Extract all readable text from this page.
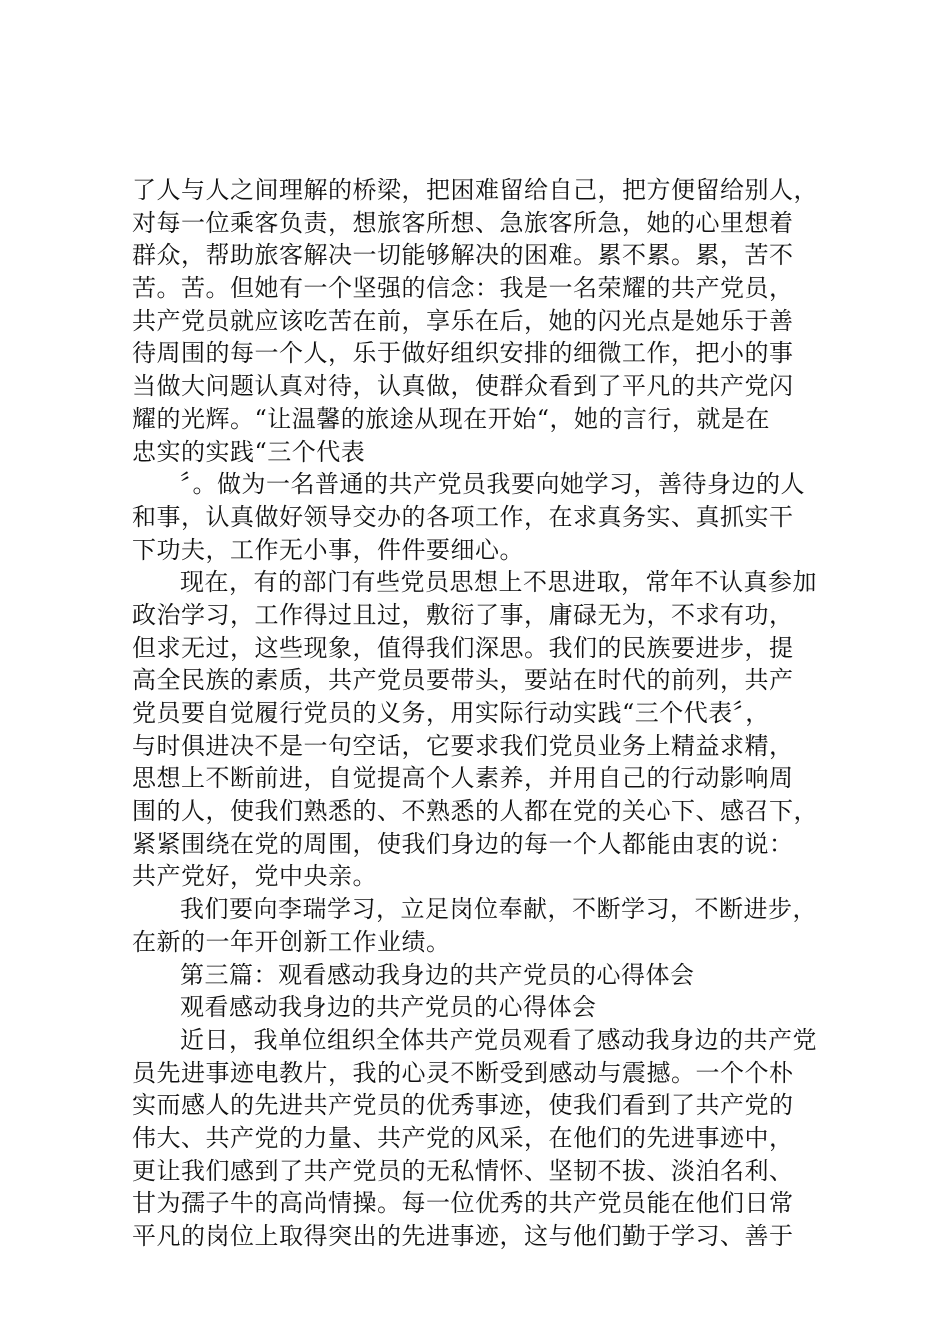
了人与人之间理解的桥梁，把困难留给自己，把方便留给别人，
对每一位乘客负责，想旅客所想、急旅客所急，她的心里想着
群众，帮助旅客解决一切能够解决的困难。累不累。累，苦不
苦。苦。但她有一个坚强的信念：我是一名荣耀的共产党员，
共产党员就应该吃苦在前，享乐在后，她的闪光点是她乐于善
待周围的每一个人，乐于做好组织安排的细微工作，把小的事
当做大问题认真对待，认真做，使群众看到了平凡的共产党闪
耀的光辉。“让温馨的旅途从现在开始“，她的言行，就是在
忠实的实践“三个代表
〞。做为一名普通的共产党员我要向她学习，善待身边的人
和事，认真做好领导交办的各项工作，在求真务实、真抓实干
下功夫，工作无小事，件件要细心。
现在，有的部门有些党员思想上不思进取，常年不认真参加
政治学习，工作得过且过，敷衍了事，庸碌无为，不求有功，
但求无过，这些现象，值得我们深思。我们的民族要进步，提
高全民族的素质，共产党员要带头，要站在时代的前列，共产
党员要自觉履行党员的义务，用实际行动实践“三个代表〞，
与时俱进决不是一句空话，它要求我们党员业务上精益求精，
思想上不断前进，自觉提高个人素养，并用自己的行动影响周
围的人，使我们熟悉的、不熟悉的人都在党的关心下、感召下，
紧紧围绕在党的周围，使我们身边的每一个人都能由衷的说：
共产党好，党中央亲。
我们要向李瑞学习，立足岗位奉献，不断学习，不断进步，
在新的一年开创新工作业绩。
第三篇：观看感动我身边的共产党员的心得体会
观看感动我身边的共产党员的心得体会
近日，我单位组织全体共产党员观看了感动我身边的共产党
员先进事迹电教片，我的心灵不断受到感动与震撼。一个个朴
实而感人的先进共产党员的优秀事迹，使我们看到了共产党的
伟大、共产党的力量、共产党的风采，在他们的先进事迹中，
更让我们感到了共产党员的无私情怀、坚韧不拔、淡泊名利、
甘为孺子牛的高尚情操。每一位优秀的共产党员能在他们日常
平凡的岗位上取得突出的先进事迹，这与他们勤于学习、善于
